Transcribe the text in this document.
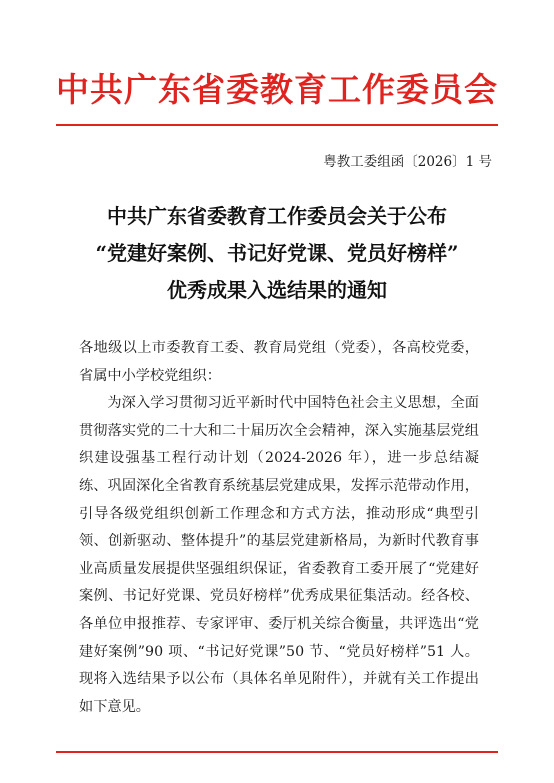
中共广东省委教育工作委员会
粤教工委组函〔2026〕1 号
中共广东省委教育工作委员会关于公布
“党建好案例、书记好党课、党员好榜样”
优秀成果入选结果的通知

各地级以上市委教育工委、教育局党组（党委），各高校党委，省属中小学校党组织：

为深入学习贯彻习近平新时代中国特色社会主义思想，全面贯彻落实党的二十大和二十届历次全会精神，深入实施基层党组织建设强基工程行动计划（2024-2026 年），进一步总结凝练、巩固深化全省教育系统基层党建成果，发挥示范带动作用，引导各级党组织创新工作理念和方式方法，推动形成“典型引领、创新驱动、整体提升”的基层党建新格局，为新时代教育事业高质量发展提供坚强组织保证，省委教育工委开展了“党建好案例、书记好党课、党员好榜样”优秀成果征集活动。经各校、各单位申报推荐、专家评审、委厅机关综合衡量，共评选出“党建好案例”90 项、“书记好党课”50 节、“党员好榜样”51 人。现将入选结果予以公布（具体名单见附件），并就有关工作提出如下意见。
